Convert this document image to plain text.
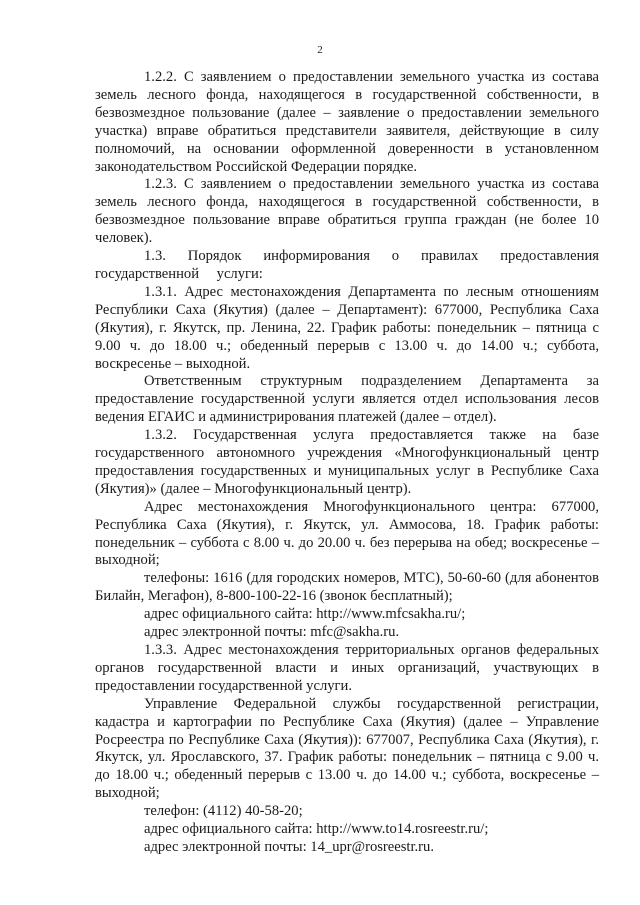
2

1.2.2. С заявлением о предоставлении земельного участка из состава земель лесного фонда, находящегося в государственной собственности, в безвозмездное пользование (далее – заявление о предоставлении земельного участка) вправе обратиться представители заявителя, действующие в силу полномочий, на основании оформленной доверенности в установленном законодательством Российской Федерации порядке.

1.2.3. С заявлением о предоставлении земельного участка из состава земель лесного фонда, находящегося в государственной собственности, в безвозмездное пользование вправе обратиться группа граждан (не более 10 человек).

1.3. Порядок информирования о правилах предоставления государственной услуги:

1.3.1. Адрес местонахождения Департамента по лесным отношениям Республики Саха (Якутия) (далее – Департамент): 677000, Республика Саха (Якутия), г. Якутск, пр. Ленина, 22. График работы: понедельник – пятница с 9.00 ч. до 18.00 ч.; обеденный перерыв с 13.00 ч. до 14.00 ч.; суббота, воскресенье – выходной.

Ответственным структурным подразделением Департамента за предоставление государственной услуги является отдел использования лесов ведения ЕГАИС и администрирования платежей (далее – отдел).

1.3.2. Государственная услуга предоставляется также на базе государственного автономного учреждения «Многофункциональный центр предоставления государственных и муниципальных услуг в Республике Саха (Якутия)» (далее – Многофункциональный центр).

Адрес местонахождения Многофункционального центра: 677000, Республика Саха (Якутия), г. Якутск, ул. Аммосова, 18. График работы: понедельник – суббота с 8.00 ч. до 20.00 ч. без перерыва на обед; воскресенье – выходной;

телефоны: 1616 (для городских номеров, МТС), 50-60-60 (для абонентов Билайн, Мегафон), 8-800-100-22-16 (звонок бесплатный);

адрес официального сайта: http://www.mfcsakha.ru/;

адрес электронной почты: mfc@sakha.ru.

1.3.3. Адрес местонахождения территориальных органов федеральных органов государственной власти и иных организаций, участвующих в предоставлении государственной услуги.

Управление Федеральной службы государственной регистрации, кадастра и картографии по Республике Саха (Якутия) (далее – Управление Росреестра по Республике Саха (Якутия)): 677007, Республика Саха (Якутия), г. Якутск, ул. Ярославского, 37. График работы: понедельник – пятница с 9.00 ч. до 18.00 ч.; обеденный перерыв с 13.00 ч. до 14.00 ч.; суббота, воскресенье – выходной;

телефон: (4112) 40-58-20;

адрес официального сайта: http://www.to14.rosreestr.ru/;

адрес электронной почты: 14_upr@rosreestr.ru.
